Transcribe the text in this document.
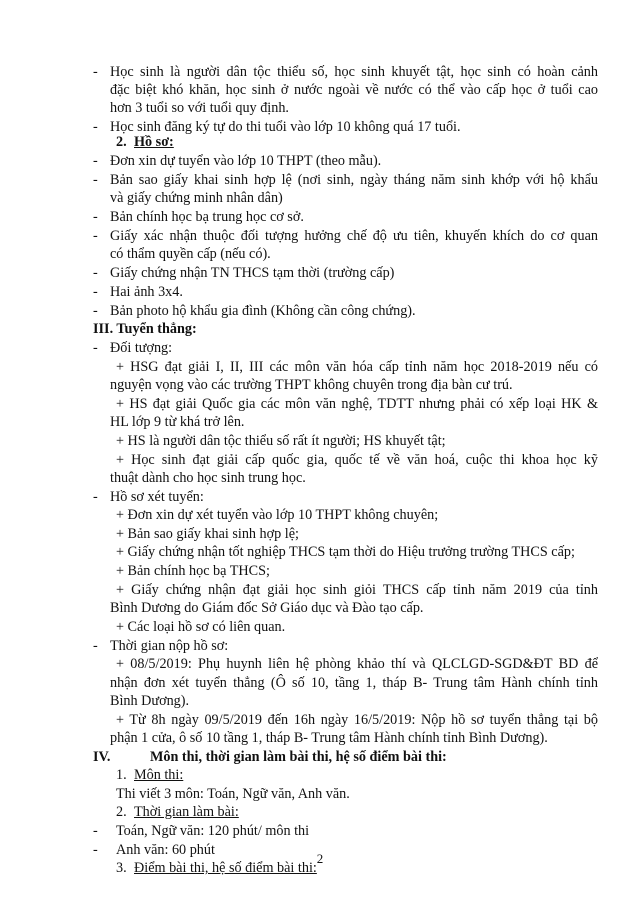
- Học sinh là người dân tộc thiểu số, học sinh khuyết tật, học sinh có hoàn cảnh
đặc biệt khó khăn, học sinh ở nước ngoài về nước có thể vào cấp học ở tuổi cao
hơn 3 tuổi so với tuổi quy định.
- Học sinh đăng ký tự do thi tuổi vào lớp 10 không quá 17 tuổi.
2. Hồ sơ:
- Đơn xin dự tuyển vào lớp 10 THPT (theo mẫu).
- Bản sao giấy khai sinh hợp lệ (nơi sinh, ngày tháng năm sinh khớp với hộ khẩu
và giấy chứng minh nhân dân)
- Bản chính học bạ trung học cơ sở.
- Giấy xác nhận thuộc đối tượng hưởng chế độ ưu tiên, khuyến khích do cơ quan
có thẩm quyền cấp (nếu có).
- Giấy chứng nhận TN THCS tạm thời (trường cấp)
- Hai ảnh 3x4.
- Bản photo hộ khẩu gia đình (Không cần công chứng).
III. Tuyển thẳng:
- Đối tượng:
+ HSG đạt giải I, II, III các môn văn hóa cấp tỉnh năm học 2018-2019 nếu có
nguyện vọng vào các trường THPT không chuyên trong địa bàn cư trú.
+ HS đạt giải Quốc gia các môn văn nghệ, TDTT nhưng phải có xếp loại HK &
HL lớp 9 từ khá trở lên.
+ HS là người dân tộc thiểu số rất ít người; HS khuyết tật;
+ Học sinh đạt giải cấp quốc gia, quốc tế về văn hoá, cuộc thi khoa học kỹ
thuật dành cho học sinh trung học.
- Hồ sơ xét tuyển:
+ Đơn xin dự xét tuyển vào lớp 10 THPT không chuyên;
+ Bản sao giấy khai sinh hợp lệ;
+ Giấy chứng nhận tốt nghiệp THCS tạm thời do Hiệu trưởng trường THCS cấp;
+ Bản chính học bạ THCS;
+ Giấy chứng nhận đạt giải học sinh giỏi THCS cấp tỉnh năm 2019 của tỉnh
Bình Dương do Giám đốc Sở Giáo dục và Đào tạo cấp.
+ Các loại hồ sơ có liên quan.
- Thời gian nộp hồ sơ:
+ 08/5/2019: Phụ huynh liên hệ phòng khảo thí và QLCLGD-SGD&ĐT BD để
nhận đơn xét tuyển thẳng (Ô số 10, tầng 1, tháp B- Trung tâm Hành chính tỉnh
Bình Dương).
+ Từ 8h ngày 09/5/2019 đến 16h ngày 16/5/2019: Nộp hồ sơ tuyển thẳng tại bộ
phận 1 cửa, ô số 10 tầng 1, tháp B- Trung tâm Hành chính tỉnh Bình Dương).
IV.	Môn thi, thời gian làm bài thi, hệ số điểm bài thi:
1. Môn thi:
Thi viết 3 môn: Toán, Ngữ văn, Anh văn.
2. Thời gian làm bài:
- Toán, Ngữ văn: 120 phút/ môn thi
- Anh văn: 60 phút
3. Điểm bài thi, hệ số điểm bài thi:
2
